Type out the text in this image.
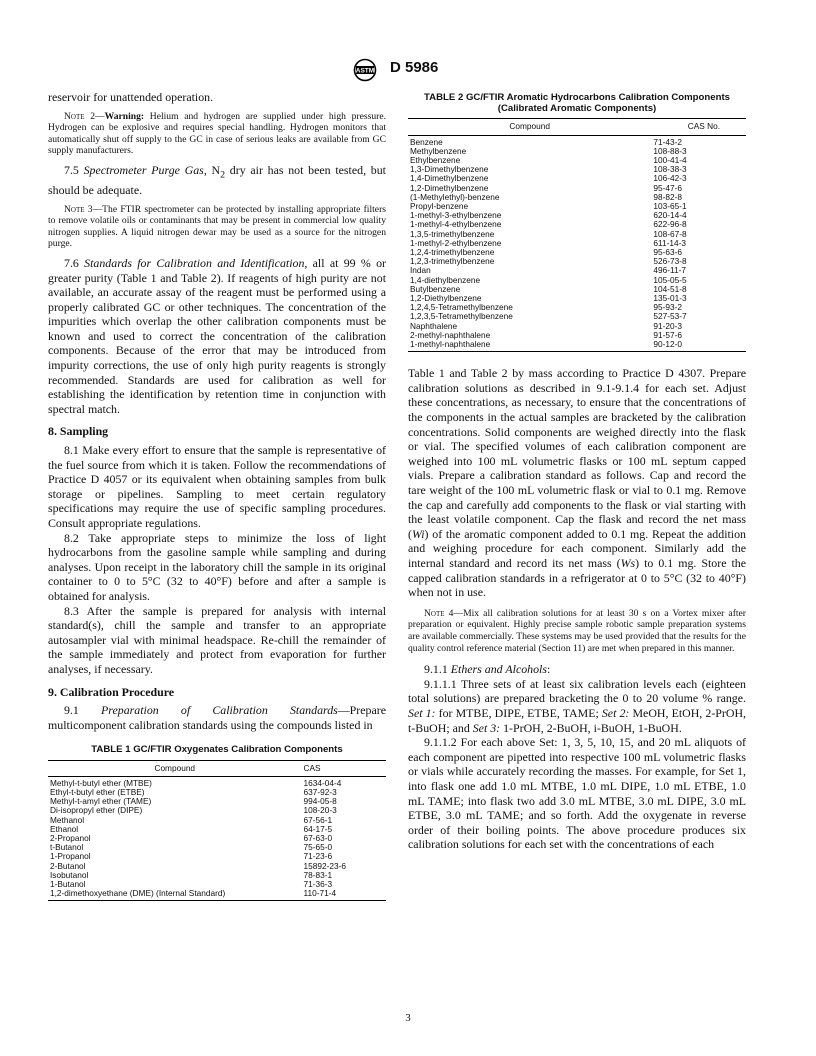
ASTM D 5986

reservoir for unattended operation.

Note 2—Warning: Helium and hydrogen are supplied under high pressure. Hydrogen can be explosive and requires special handling. Hydrogen monitors that automatically shut off supply to the GC in case of serious leaks are available from GC supply manufacturers.

7.5 Spectrometer Purge Gas, $N_2$ dry air has not been tested, but should be adequate.

Note 3—The FTIR spectrometer can be protected by installing appropriate filters to remove volatile oils or contaminants that may be present in commercial low quality nitrogen supplies. A liquid nitrogen dewar may be used as a source for the nitrogen purge.

7.6 Standards for Calibration and Identification, all at 99 % or greater purity (Table 1 and Table 2). If reagents of high purity are not available, an accurate assay of the reagent must be performed using a properly calibrated GC or other techniques. The concentration of the impurities which overlap the other calibration components must be known and used to correct the concentration of the calibration components. Because of the error that may be introduced from impurity corrections, the use of only high purity reagents is strongly recommended. Standards are used for calibration as well for establishing the identification by retention time in conjunction with spectral match.

8. Sampling

8.1 Make every effort to ensure that the sample is representative of the fuel source from which it is taken. Follow the recommendations of Practice D 4057 or its equivalent when obtaining samples from bulk storage or pipelines. Sampling to meet certain regulatory specifications may require the use of specific sampling procedures. Consult appropriate regulations.

8.2 Take appropriate steps to minimize the loss of light hydrocarbons from the gasoline sample while sampling and during analyses. Upon receipt in the laboratory chill the sample in its original container to 0 to 5°C (32 to 40°F) before and after a sample is obtained for analysis.

8.3 After the sample is prepared for analysis with internal standard(s), chill the sample and transfer to an appropriate autosampler vial with minimal headspace. Re-chill the remainder of the sample immediately and protect from evaporation for further analyses, if necessary.

9. Calibration Procedure

9.1 Preparation of Calibration Standards—Prepare multicomponent calibration standards using the compounds listed in

TABLE 1 GC/FTIR Oxygenates Calibration Components
Compound	CAS
Methyl-t-butyl ether (MTBE)	1634-04-4
Ethyl-t-butyl ether (ETBE)	637-92-3
Methyl-t-amyl ether (TAME)	994-05-8
Di-isopropyl ether (DIPE)	108-20-3
Methanol	67-56-1
Ethanol	64-17-5
2-Propanol	67-63-0
t-Butanol	75-65-0
1-Propanol	71-23-6
2-Butanol	15892-23-6
Isobutanol	78-83-1
1-Butanol	71-36-3
1,2-dimethoxyethane (DME) (Internal Standard)	110-71-4
TABLE 2 GC/FTIR Aromatic Hydrocarbons Calibration Components (Calibrated Aromatic Components)
Compound	CAS No.
Benzene	71-43-2
Methylbenzene	108-88-3
Ethylbenzene	100-41-4
1,3-Dimethylbenzene	108-38-3
1,4-Dimethylbenzene	106-42-3
1,2-Dimethylbenzene	95-47-6
(1-Methylethyl)-benzene	98-82-8
Propyl-benzene	103-65-1
1-methyl-3-ethylbenzene	620-14-4
1-methyl-4-ethylbenzene	622-96-8
1,3,5-trimethylbenzene	108-67-8
1-methyl-2-ethylbenzene	611-14-3
1,2,4-trimethylbenzene	95-63-6
1,2,3-trimethylbenzene	526-73-8
Indan	496-11-7
1,4-diethylbenzene	105-05-5
Butylbenzene	104-51-8
1,2-Diethylbenzene	135-01-3
1,2,4,5-Tetramethylbenzene	95-93-2
1,2,3,5-Tetramethylbenzene	527-53-7
Naphthalene	91-20-3
2-methyl-naphthalene	91-57-6
1-methyl-naphthalene	90-12-0

Table 1 and Table 2 by mass according to Practice D 4307. Prepare calibration solutions as described in 9.1-9.1.4 for each set. Adjust these concentrations, as necessary, to ensure that the concentrations of the components in the actual samples are bracketed by the calibration concentrations. Solid components are weighed directly into the flask or vial. The specified volumes of each calibration component are weighed into 100 mL volumetric flasks or 100 mL septum capped vials. Prepare a calibration standard as follows. Cap and record the tare weight of the 100 mL volumetric flask or vial to 0.1 mg. Remove the cap and carefully add components to the flask or vial starting with the least volatile component. Cap the flask and record the net mass (Wi) of the aromatic component added to 0.1 mg. Repeat the addition and weighing procedure for each component. Similarly add the internal standard and record its net mass (Ws) to 0.1 mg. Store the capped calibration standards in a refrigerator at 0 to 5°C (32 to 40°F) when not in use.

Note 4—Mix all calibration solutions for at least 30 s on a Vortex mixer after preparation or equivalent. Highly precise sample robotic sample preparation systems are available commercially. These systems may be used provided that the results for the quality control reference material (Section 11) are met when prepared in this manner.

9.1.1 Ethers and Alcohols:

9.1.1.1 Three sets of at least six calibration levels each (eighteen total solutions) are prepared bracketing the 0 to 20 volume % range. Set 1: for MTBE, DIPE, ETBE, TAME; Set 2: MeOH, EtOH, 2-PrOH, t-BuOH; and Set 3: 1-PrOH, 2-BuOH, i-BuOH, 1-BuOH.

9.1.1.2 For each above Set: 1, 3, 5, 10, 15, and 20 mL aliquots of each component are pipetted into respective 100 mL volumetric flasks or vials while accurately recording the masses. For example, for Set 1, into flask one add 1.0 mL MTBE, 1.0 mL DIPE, 1.0 mL ETBE, 1.0 mL TAME; into flask two add 3.0 mL MTBE, 3.0 mL DIPE, 3.0 mL ETBE, 3.0 mL TAME; and so forth. Add the oxygenate in reverse order of their boiling points. The above procedure produces six calibration solutions for each set with the concentrations of each

3
